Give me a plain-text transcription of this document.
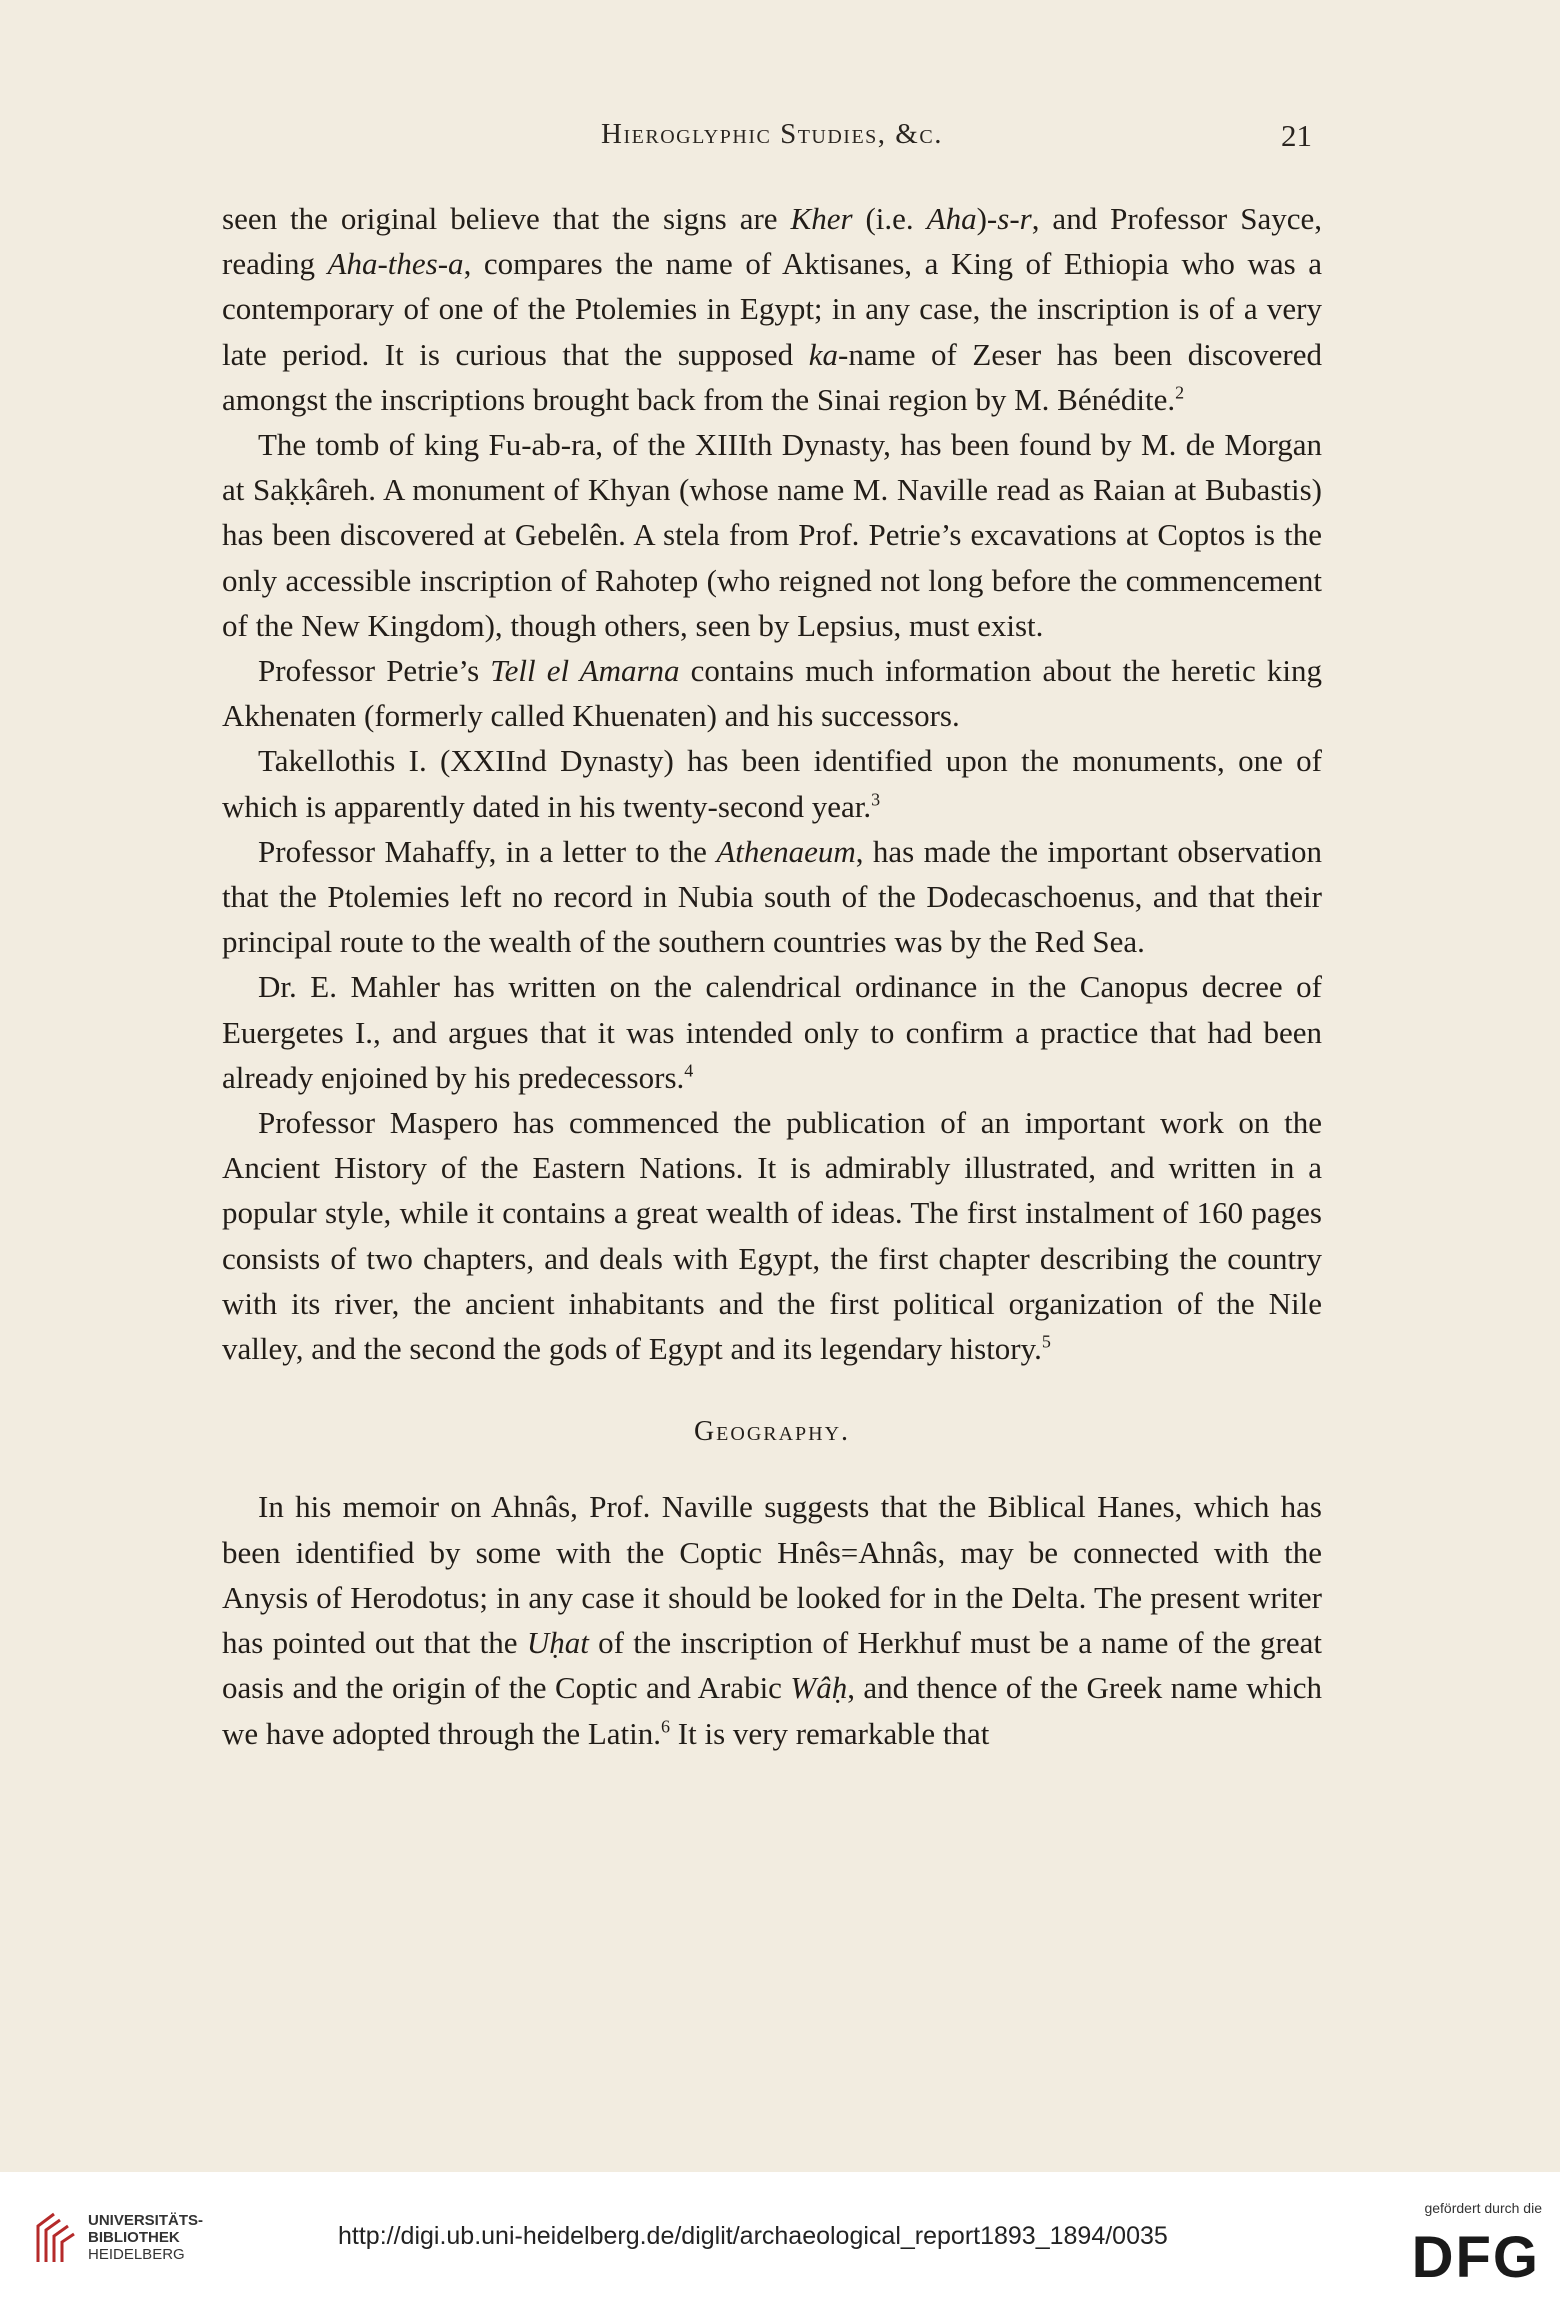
Hieroglyphic Studies, &c.	21

seen the original believe that the signs are Kher (i.e. Aha)-s-r, and Professor Sayce, reading Aha-thes-a, compares the name of Aktisanes, a King of Ethiopia who was a contemporary of one of the Ptolemies in Egypt; in any case, the inscription is of a very late period. It is curious that the supposed ka-name of Zeser has been discovered amongst the inscriptions brought back from the Sinai region by M. Bénédite.$^2$

The tomb of king Fu-ab-ra, of the XIIIth Dynasty, has been found by M. de Morgan at Saḳḳâreh. A monument of Khyan (whose name M. Naville read as Raian at Bubastis) has been discovered at Gebelên. A stela from Prof. Petrie’s excavations at Coptos is the only accessible inscription of Rahotep (who reigned not long before the commencement of the New Kingdom), though others, seen by Lepsius, must exist.

Professor Petrie’s Tell el Amarna contains much information about the heretic king Akhenaten (formerly called Khuenaten) and his successors.

Takellothis I. (XXIInd Dynasty) has been identified upon the monuments, one of which is apparently dated in his twenty-second year.$^3$

Professor Mahaffy, in a letter to the Athenaeum, has made the important observation that the Ptolemies left no record in Nubia south of the Dodecaschoenus, and that their principal route to the wealth of the southern countries was by the Red Sea.

Dr. E. Mahler has written on the calendrical ordinance in the Canopus decree of Euergetes I., and argues that it was intended only to confirm a practice that had been already enjoined by his predecessors.$^4$

Professor Maspero has commenced the publication of an important work on the Ancient History of the Eastern Nations. It is admirably illustrated, and written in a popular style, while it contains a great wealth of ideas. The first instalment of 160 pages consists of two chapters, and deals with Egypt, the first chapter describing the country with its river, the ancient inhabitants and the first political organization of the Nile valley, and the second the gods of Egypt and its legendary history.$^5$

Geography.

In his memoir on Ahnâs, Prof. Naville suggests that the Biblical Hanes, which has been identified by some with the Coptic Hnês=Ahnâs, may be connected with the Anysis of Herodotus; in any case it should be looked for in the Delta. The present writer has pointed out that the Uḥat of the inscription of Herkhuf must be a name of the great oasis and the origin of the Coptic and Arabic Wâḥ, and thence of the Greek name which we have adopted through the Latin.$^6$ It is very remarkable that

UNIVERSITÄTS-
BIBLIOTHEK
HEIDELBERG
http://digi.ub.uni-heidelberg.de/diglit/archaeological_report1893_1894/0035
gefördert durch die
DFG
